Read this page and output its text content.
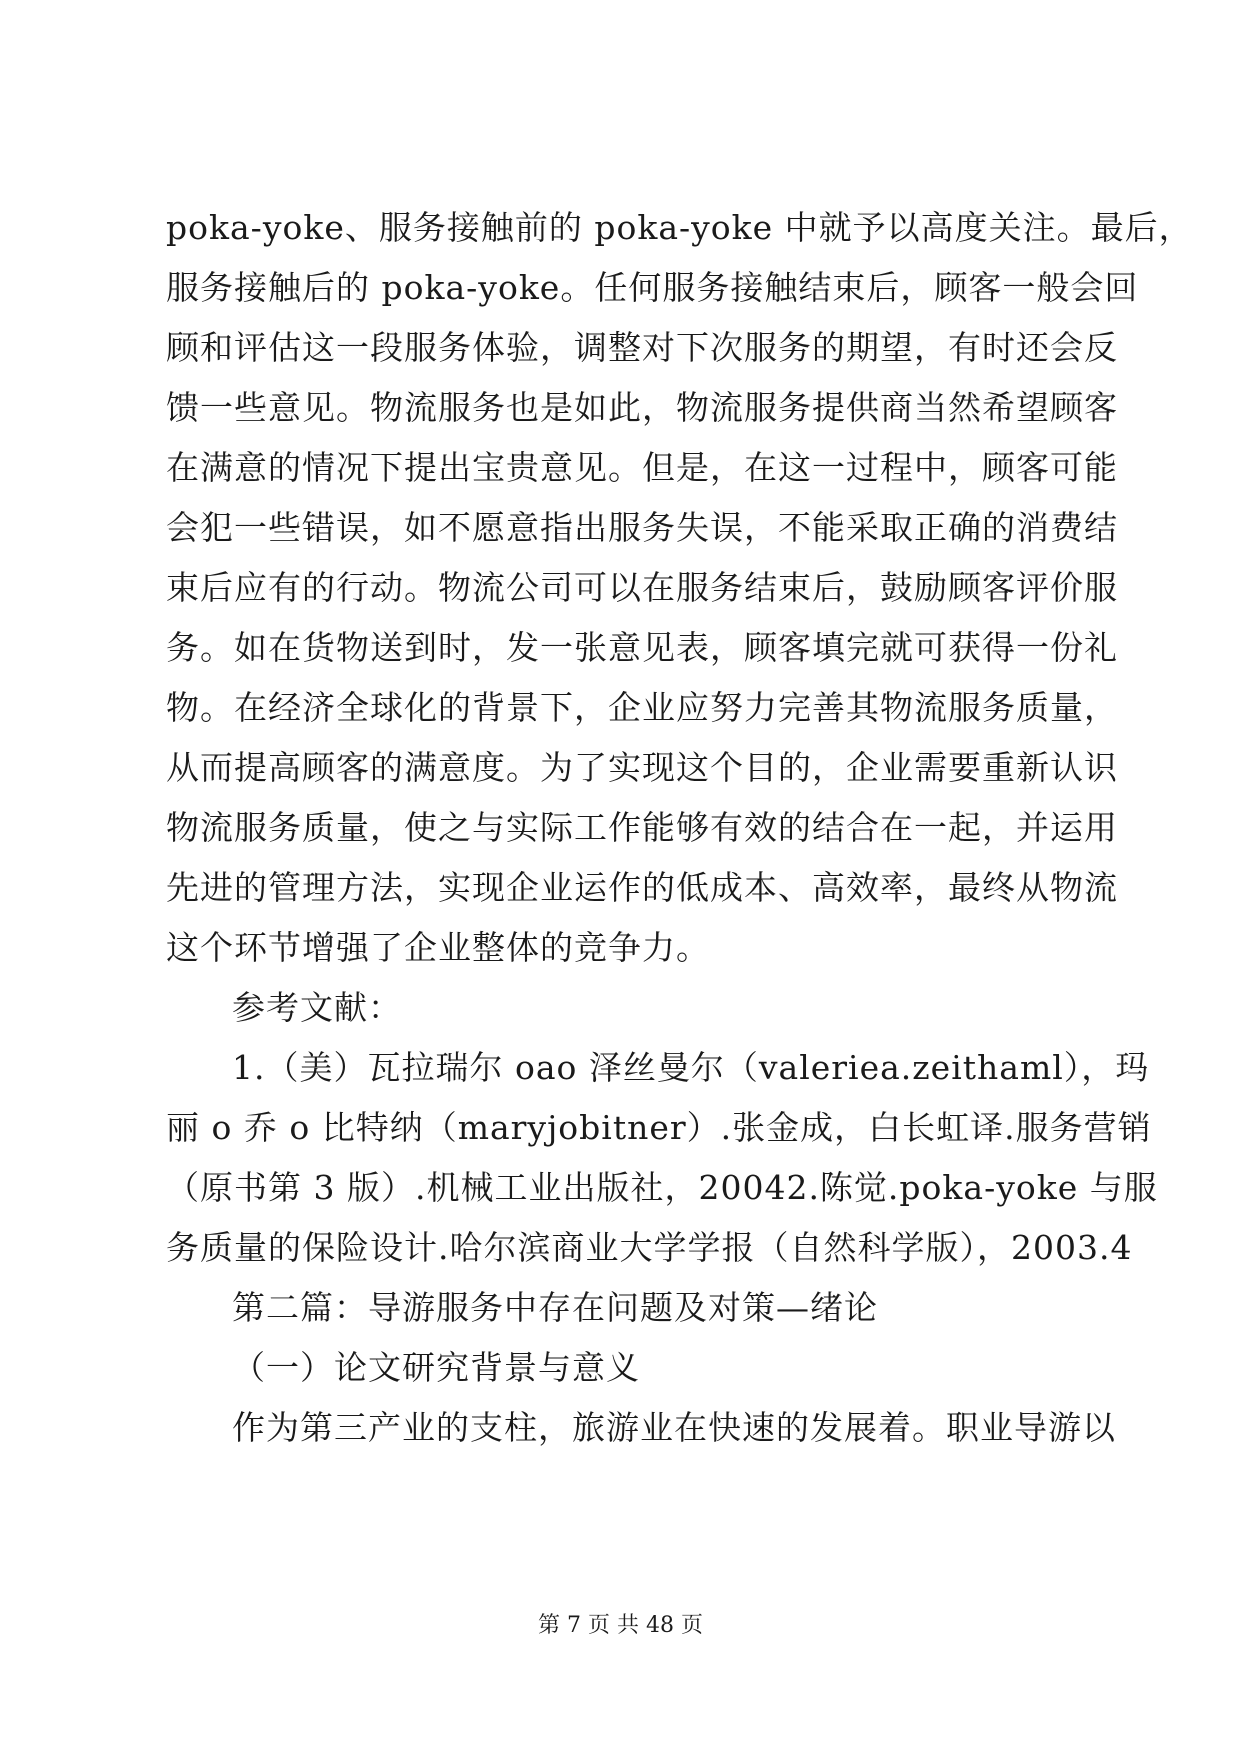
poka-yoke、服务接触前的 poka-yoke 中就予以高度关注。最后，
服务接触后的 poka-yoke。任何服务接触结束后，顾客一般会回
顾和评估这一段服务体验，调整对下次服务的期望，有时还会反
馈一些意见。物流服务也是如此，物流服务提供商当然希望顾客
在满意的情况下提出宝贵意见。但是，在这一过程中，顾客可能
会犯一些错误，如不愿意指出服务失误，不能采取正确的消费结
束后应有的行动。物流公司可以在服务结束后，鼓励顾客评价服
务。如在货物送到时，发一张意见表，顾客填完就可获得一份礼
物。在经济全球化的背景下，企业应努力完善其物流服务质量，
从而提高顾客的满意度。为了实现这个目的，企业需要重新认识
物流服务质量，使之与实际工作能够有效的结合在一起，并运用
先进的管理方法，实现企业运作的低成本、高效率，最终从物流
这个环节增强了企业整体的竞争力。
参考文献：
1.（美）瓦拉瑞尔 oao 泽丝曼尔（valeriea.zeithaml），玛
丽 o 乔 o 比特纳（maryjobitner）.张金成，白长虹译.服务营销
（原书第 3 版）.机械工业出版社，20042.陈觉.poka-yoke 与服
务质量的保险设计.哈尔滨商业大学学报（自然科学版），2003.4
第二篇：导游服务中存在问题及对策—绪论
（一）论文研究背景与意义
作为第三产业的支柱，旅游业在快速的发展着。职业导游以
第 7 页 共 48 页
